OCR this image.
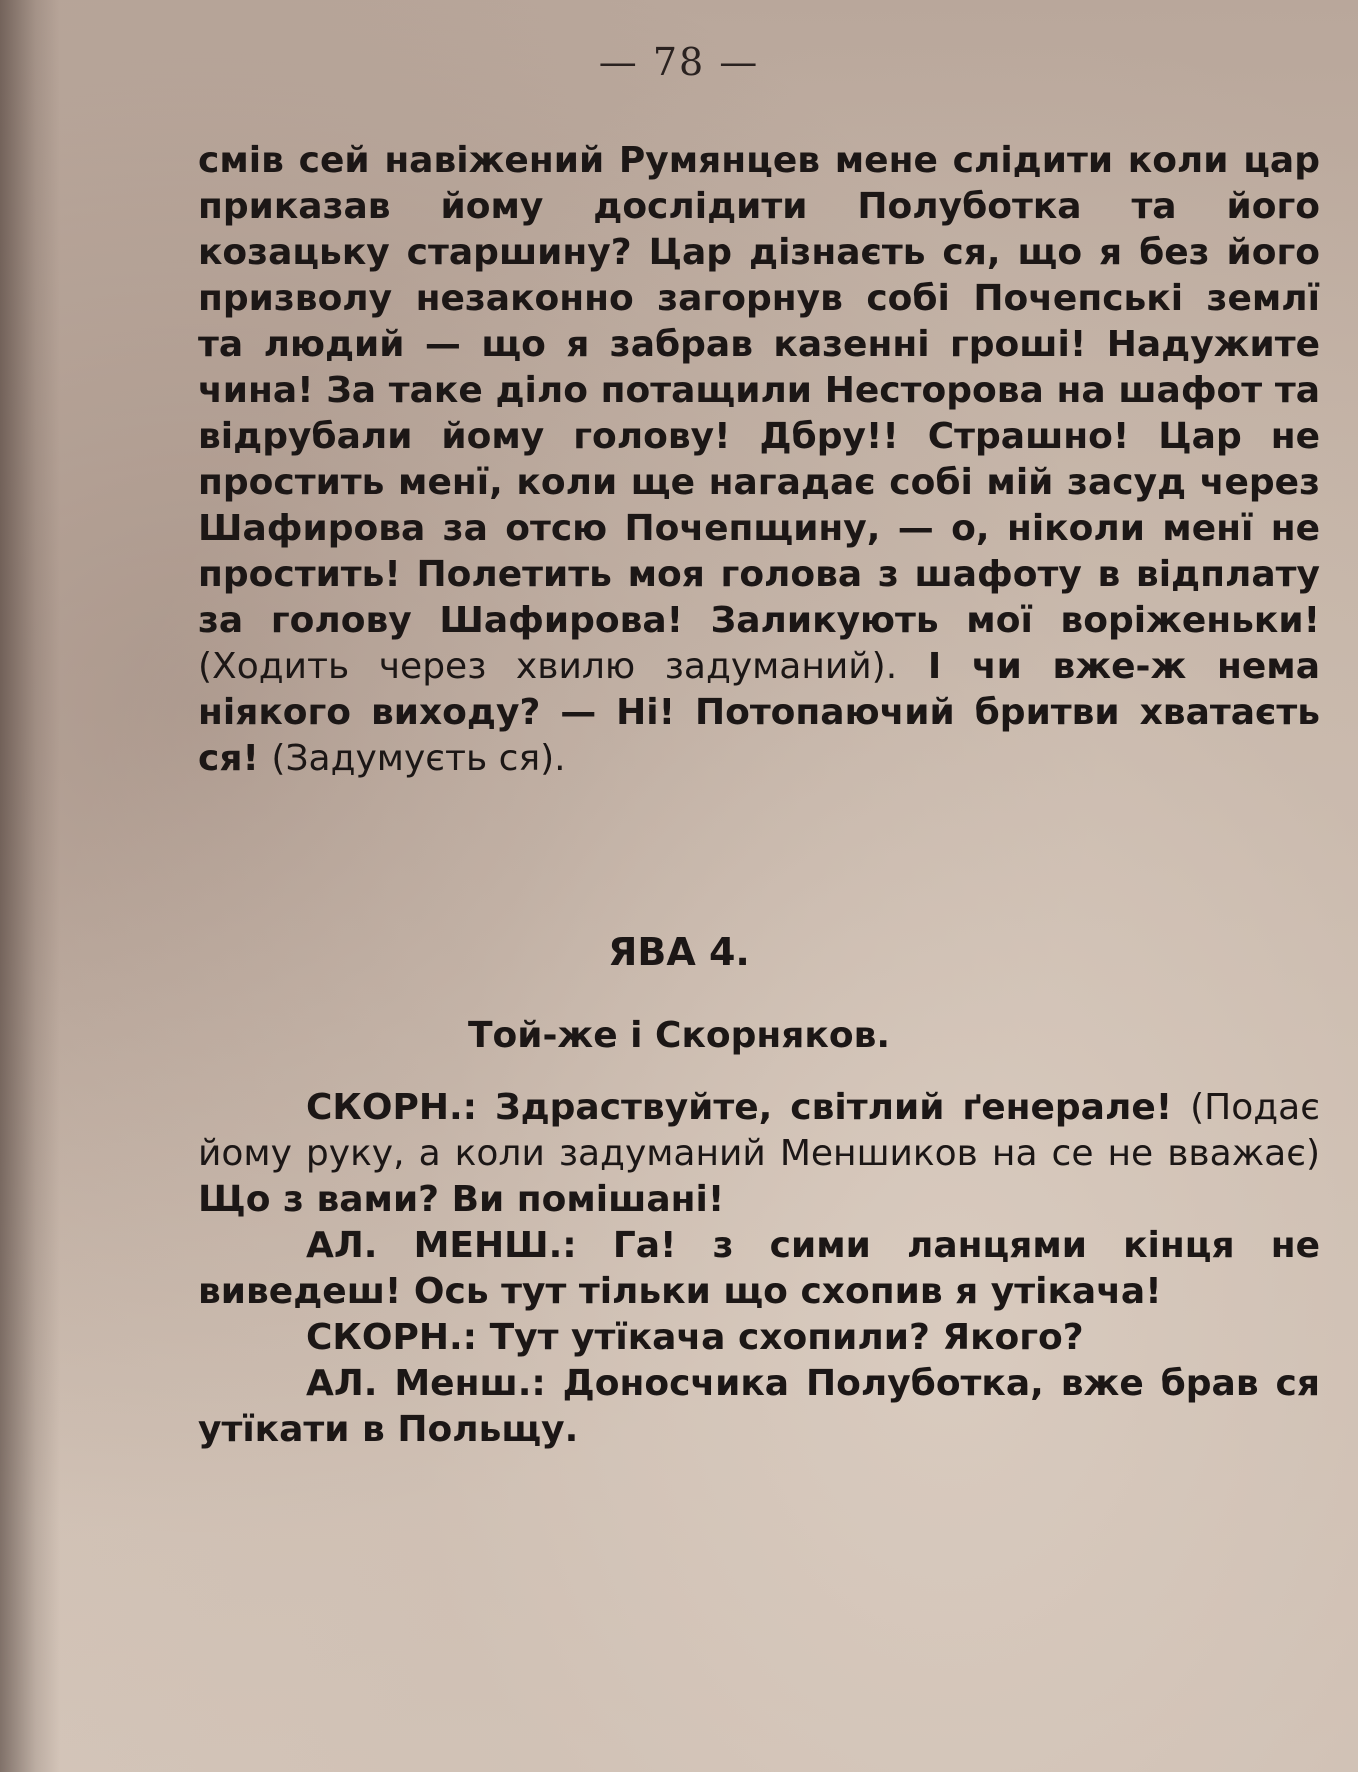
— 78 —

смів сей навіжений Румянцев мене слідити коли цар приказав йому дослідити Полуботка та його козацьку старшину? Цар дізнаєть ся, що я без його призволу незаконно загорнув собі Почепські землї та людий — що я забрав казенні гроші! Надужите чина! За таке діло потащили Несторова на шафот та відрубали йому голову! Дбру!! Страшно! Цар не простить менї, коли ще нагадає собі мій засуд через Шафирова за отсю Почепщину, — о, ніколи менї не простить! Полетить моя голова з шафоту в відплату за голову Шафирова! Заликують мої воріженьки! (Ходить через хвилю задуманий). І чи вже-ж нема ніякого виходу? — Ні! Потопаючий бритви хватаєть ся! (Задумуєть ся).

ЯВА 4.
Той-же і Скорняков.

СКОРН.: Здраствуйте, світлий ґенерале! (Подає йому руку, а коли задуманий Меншиков на се не вважає) Що з вами? Ви помішані!

АЛ. МЕНШ.: Га! з сими ланцями кінця не виведеш! Ось тут тільки що схопив я утікача!

СКОРН.: Тут утїкача схопили? Якого?

АЛ. Менш.: Доносчика Полуботка, вже брав ся утїкати в Польщу.
